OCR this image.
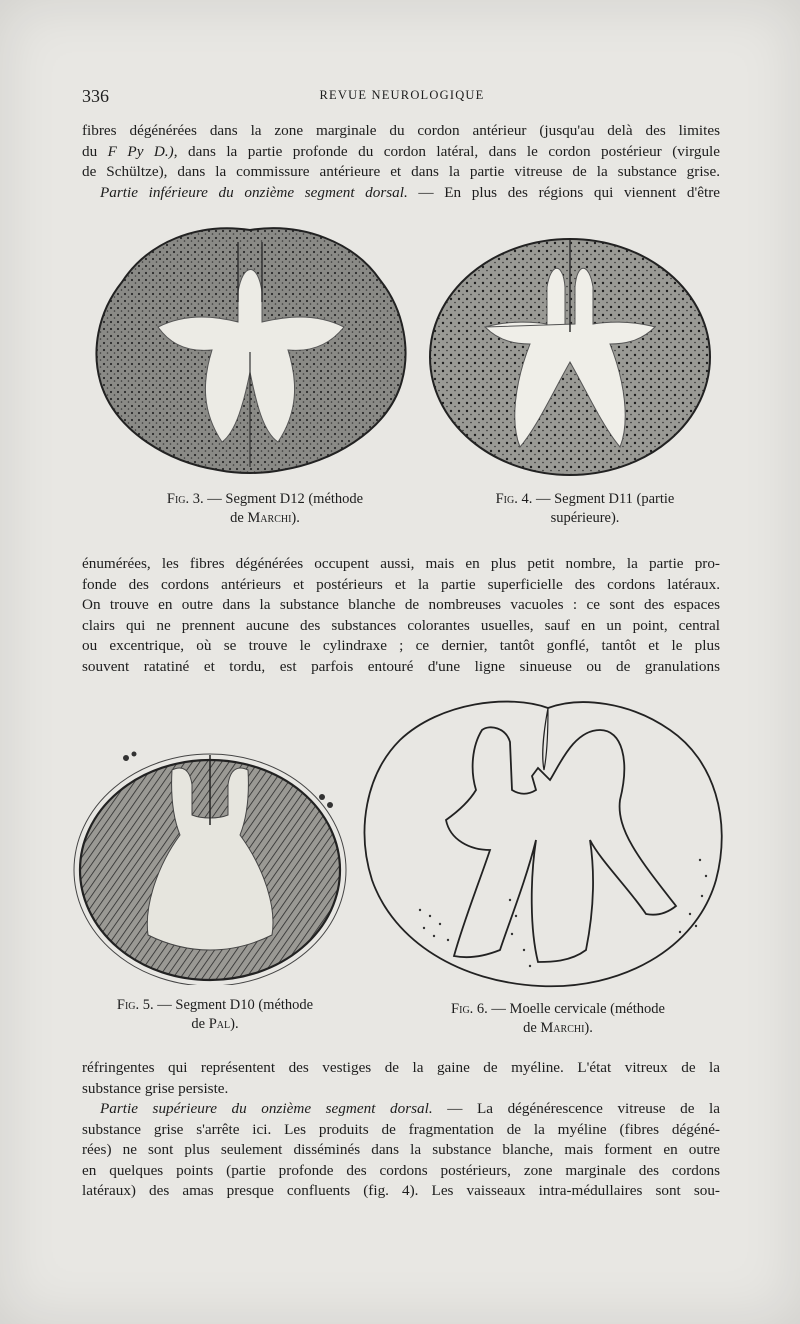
336	REVUE NEUROLOGIQUE

fibres dégénérées dans la zone marginale du cordon antérieur (jusqu'au delà des limites
du F Py D.), dans la partie profonde du cordon latéral, dans le cordon postérieur (virgule
de Schültze), dans la commissure antérieure et dans la partie vitreuse de la substance grise.
Partie inférieure du onzième segment dorsal. — En plus des régions qui viennent d'être

Fig. 3. — Segment D12 (méthode
de Marchi).
Fig. 4. — Segment D11 (partie
supérieure).

énumérées, les fibres dégénérées occupent aussi, mais en plus petit nombre, la partie pro-
fonde des cordons antérieurs et postérieurs et la partie superficielle des cordons latéraux.
On trouve en outre dans la substance blanche de nombreuses vacuoles : ce sont des espaces
clairs qui ne prennent aucune des substances colorantes usuelles, sauf en un point, central
ou excentrique, où se trouve le cylindraxe ; ce dernier, tantôt gonflé, tantôt et le plus
souvent ratatiné et tordu, est parfois entouré d'une ligne sinueuse ou de granulations

Fig. 5. — Segment D10 (méthode
de Pal).
Fig. 6. — Moelle cervicale (méthode
de Marchi).

réfringentes qui représentent des vestiges de la gaine de myéline. L'état vitreux de la
substance grise persiste.
Partie supérieure du onzième segment dorsal. — La dégénérescence vitreuse de la
substance grise s'arrête ici. Les produits de fragmentation de la myéline (fibres dégéné-
rées) ne sont plus seulement disséminés dans la substance blanche, mais forment en outre
en quelques points (partie profonde des cordons postérieurs, zone marginale des cordons
latéraux) des amas presque confluents (fig. 4). Les vaisseaux intra-médullaires sont sou-
